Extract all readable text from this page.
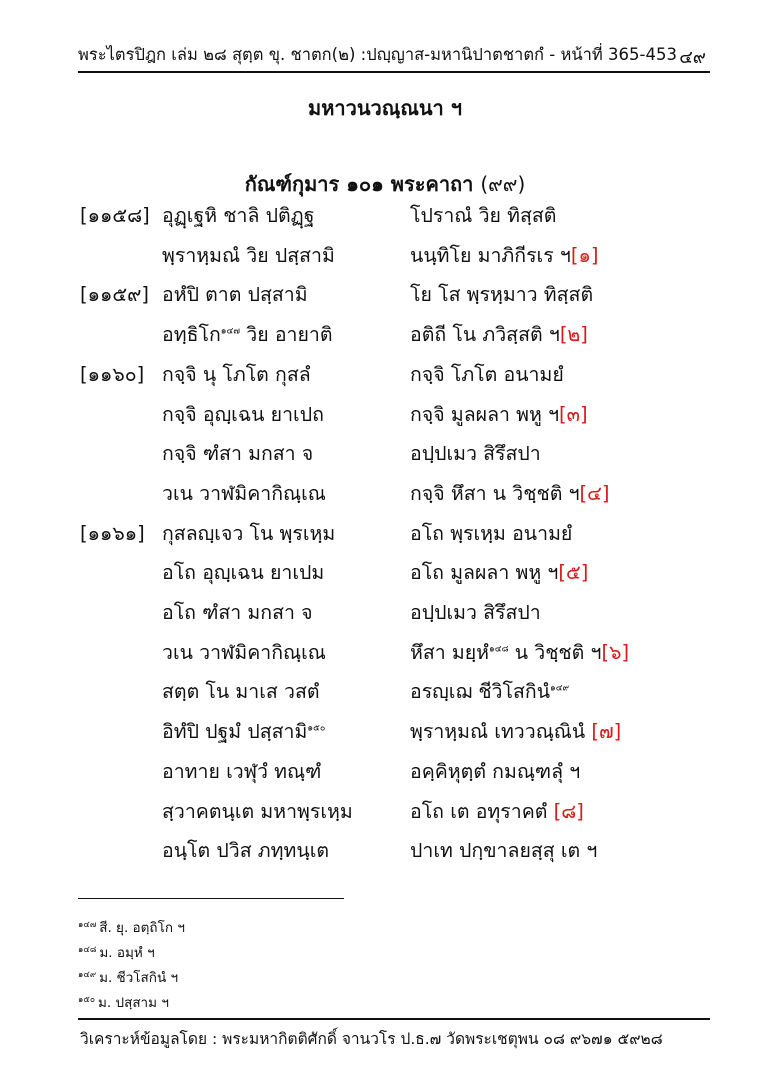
พระไตรปิฎก เล่ม ๒๘ สุตฺต ขุ. ชาตก(๒) :ปญฺญาส-มหานิปาตชาตกํ - หน้าที่ 365-453 ๔๙
มหาวนวณฺณนา ฯ
กัณฑ์กุมาร ๑๐๑ พระคาถา (๙๙)
[๑๑๕๘] อุฏฺเฐหิ ชาลิ ปติฏฺฐ	โปราณํ วิย ทิสฺสติ
พฺราหฺมณํ วิย ปสฺสามิ	นนฺทิโย มาภิกีรเร ฯ[๑]
[๑๑๕๙] อหํปิ ตาต ปสฺสามิ	โย โส พฺรหฺมาว ทิสฺสติ
อทฺธิโก$^{๑๔๗}$ วิย อายาติ	อติถี โน ภวิสฺสติ ฯ[๒]
[๑๑๖๐] กจฺจิ นุ โภโต กุสลํ	กจฺจิ โภโต อนามยํ
กจฺจิ อุญฺเฉน ยาเปถ	กจฺจิ มูลผลา พหู ฯ[๓]
กจฺจิ ฑํสา มกสา จ	อปฺปเมว สิรึสปา
วเน วาฬมิคากิณฺเณ	กจฺจิ หึสา น วิชฺชติ ฯ[๔]
[๑๑๖๑] กุสลญฺเจว โน พฺรเหฺม	อโถ พฺรเหฺม อนามยํ
อโถ อุญฺเฉน ยาเปม	อโถ มูลผลา พหู ฯ[๕]
อโถ ฑํสา มกสา จ	อปฺปเมว สิรึสปา
วเน วาฬมิคากิณฺเณ	หึสา มยฺหํ$^{๑๔๘}$ น วิชฺชติ ฯ[๖]
สตฺต โน มาเส วสตํ	อรญฺเฌ ชีวิโสกินํ$^{๑๔๙}$
อิทํปิ ปฐมํ ปสฺสามิ$^{๑๕๐}$	พฺราหฺมณํ เทววณฺณินํ [๗]
อาทาย เวฬุวํ ทณฺฑํ	อคฺคิหุตฺตํ กมณฺฑลุํ ฯ
สฺวาคตนฺเต มหาพฺรเหฺม	อโถ เต อทุราคตํ [๘]
อนฺโต ปวิส ภทฺทนฺเต	ปาเท ปกฺขาลยสฺสุ เต ฯ
$^{๑๔๗}$ สี. ยุ. อตฺถิโก ฯ
$^{๑๔๘}$ ม. อมฺหํ ฯ
$^{๑๔๙}$ ม. ชีวโสกินํ ฯ
$^{๑๕๐}$ ม. ปสฺสาม ฯ
วิเคราะห์ข้อมูลโดย : พระมหากิตติศักดิ์ จานวโร ป.ธ.๗ วัดพระเชตุพน ๐๘ ๙๖๗๑ ๕๙๒๘
